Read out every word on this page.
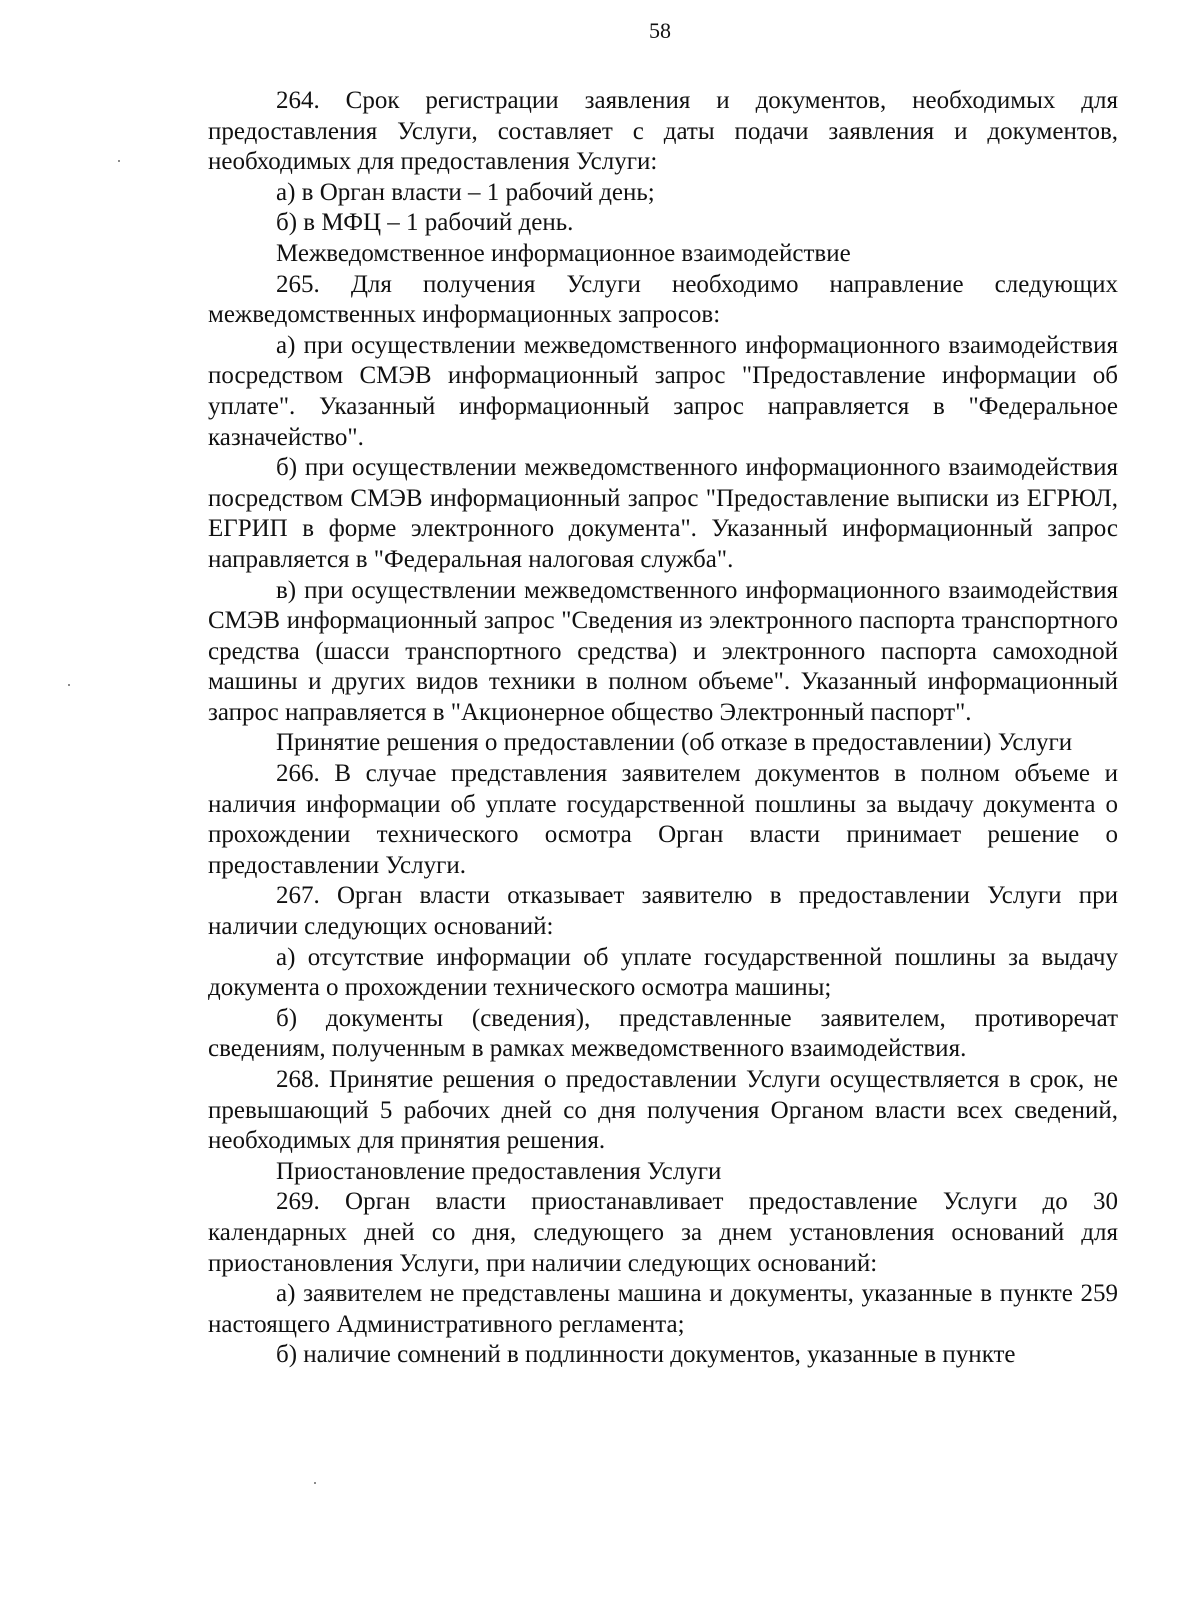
58

264. Срок регистрации заявления и документов, необходимых для предоставления Услуги, составляет с даты подачи заявления и документов, необходимых для предоставления Услуги:

а) в Орган власти – 1 рабочий день;

б) в МФЦ – 1 рабочий день.

Межведомственное информационное взаимодействие

265. Для получения Услуги необходимо направление следующих межведомственных информационных запросов:

а) при осуществлении межведомственного информационного взаимодействия посредством СМЭВ информационный запрос "Предоставление информации об уплате". Указанный информационный запрос направляется в "Федеральное казначейство".

б) при осуществлении межведомственного информационного взаимодействия посредством СМЭВ информационный запрос "Предоставление выписки из ЕГРЮЛ, ЕГРИП в форме электронного документа". Указанный информационный запрос направляется в "Федеральная налоговая служба".

в) при осуществлении межведомственного информационного взаимодействия СМЭВ информационный запрос "Сведения из электронного паспорта транспортного средства (шасси транспортного средства) и электронного паспорта самоходной машины и других видов техники в полном объеме". Указанный информационный запрос направляется в "Акционерное общество Электронный паспорт".

Принятие решения о предоставлении (об отказе в предоставлении) Услуги

266. В случае представления заявителем документов в полном объеме и наличия информации об уплате государственной пошлины за выдачу документа о прохождении технического осмотра Орган власти принимает решение о предоставлении Услуги.

267. Орган власти отказывает заявителю в предоставлении Услуги при наличии следующих оснований:

а) отсутствие информации об уплате государственной пошлины за выдачу документа о прохождении технического осмотра машины;

б) документы (сведения), представленные заявителем, противоречат сведениям, полученным в рамках межведомственного взаимодействия.

268. Принятие решения о предоставлении Услуги осуществляется в срок, не превышающий 5 рабочих дней со дня получения Органом власти всех сведений, необходимых для принятия решения.

Приостановление предоставления Услуги

269. Орган власти приостанавливает предоставление Услуги до 30 календарных дней со дня, следующего за днем установления оснований для приостановления Услуги, при наличии следующих оснований:

а) заявителем не представлены машина и документы, указанные в пункте 259 настоящего Административного регламента;

б) наличие сомнений в подлинности документов, указанные в пункте
